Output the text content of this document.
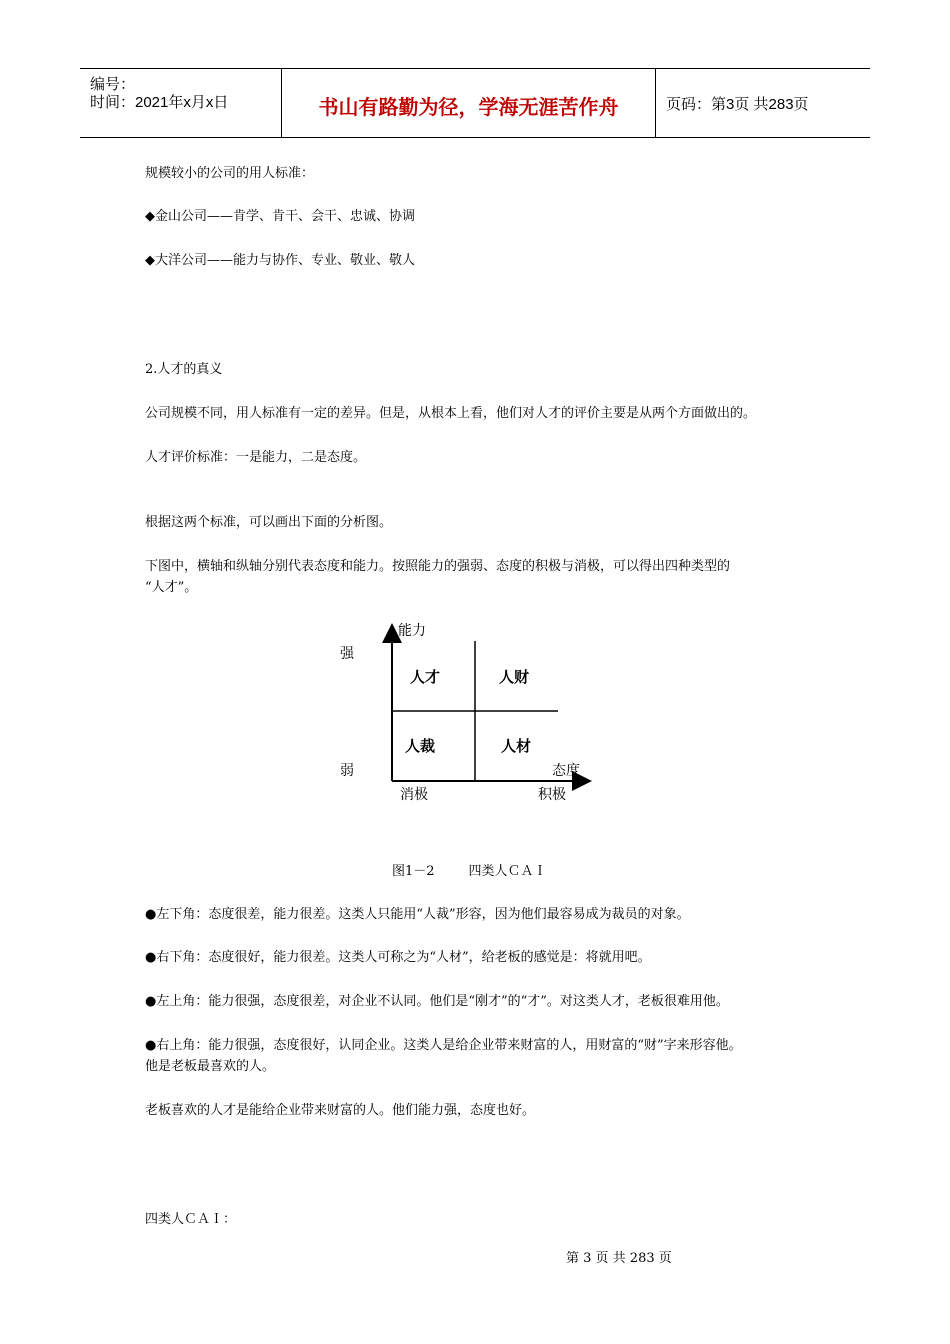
编号：
时间：2021年x月x日	书山有路勤为径，学海无涯苦作舟	页码：第3页 共283页
规模较小的公司的用人标准：
◆金山公司——肯学、肯干、会干、忠诚、协调
◆大洋公司——能力与协作、专业、敬业、敬人
2.人才的真义
公司规模不同，用人标准有一定的差异。但是，从根本上看，他们对人才的评价主要是从两个方面做出的。
人才评价标准：一是能力，二是态度。
根据这两个标准，可以画出下面的分析图。
下图中，横轴和纵轴分别代表态度和能力。按照能力的强弱、态度的积极与消极，可以得出四种类型的
“人才”。
能力
态度
强
弱
消极	积极
人才	人财
人裁	人材
图1－2	四类人ＣＡＩ
●左下角：态度很差，能力很差。这类人只能用“人裁”形容，因为他们最容易成为裁员的对象。
●右下角：态度很好，能力很差。这类人可称之为“人材”，给老板的感觉是：将就用吧。
●左上角：能力很强，态度很差，对企业不认同。他们是“刚才”的“才”。对这类人才，老板很难用他。
●右上角：能力很强，态度很好，认同企业。这类人是给企业带来财富的人，用财富的“财”字来形容他。
他是老板最喜欢的人。
老板喜欢的人才是能给企业带来财富的人。他们能力强，态度也好。
四类人ＣＡＩ：
第 3 页 共 283 页
